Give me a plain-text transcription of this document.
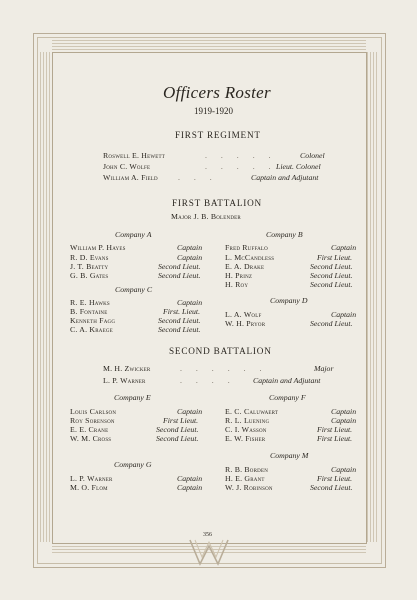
Officers Roster
1919-1920
FIRST REGIMENT
Roswell E. Hewett	. . . . .	Colonel
John C. Wolfe	. . . . . Lieut. Colonel
William A. Field	. . .	Captain and Adjutant
FIRST BATTALION
Major J. B. Bolender
Company A	Company B
William P. Hayes	Captain
R. D. Evans	Captain
J. T. Beatty	Second Lieut.
G. B. Gates	Second Lieut.
Fred Ruffalo	Captain
L. McCandless	First Lieut.
E. A. Drake	Second Lieut.
H. Prinz	Second Lieut.
H. Roy	Second Lieut.
Company C
R. E. Hawks	Captain
B. Fontaine	First. Lieut.
Kenneth Fagg	Second Lieut.
C. A. Kraege	Second Lieut.
Company D
L. A. Wolf	Captain
W. H. Pryor	Second Lieut.
SECOND BATTALION
M. H. Zwicker	. . . . . .	Major
L. P. Warner	. . . . Captain and Adjutant
Company E	Company F
Louis Carlson	Captain
Roy Sorenson	First Lieut.
E. E. Crane	Second Lieut.
W. M. Cross	Second Lieut.
E. C. Caluwaert	Captain
R. L. Luening	Captain
C. I. Wasson	First Lieut.
E. W. Fisher	First Lieut.
Company M
R. B. Borden	Captain
H. E. Grant	First Lieut.
W. J. Robinson	Second Lieut.
Company G
L. P. Warner	Captain
M. O. Flom	Captain
356
